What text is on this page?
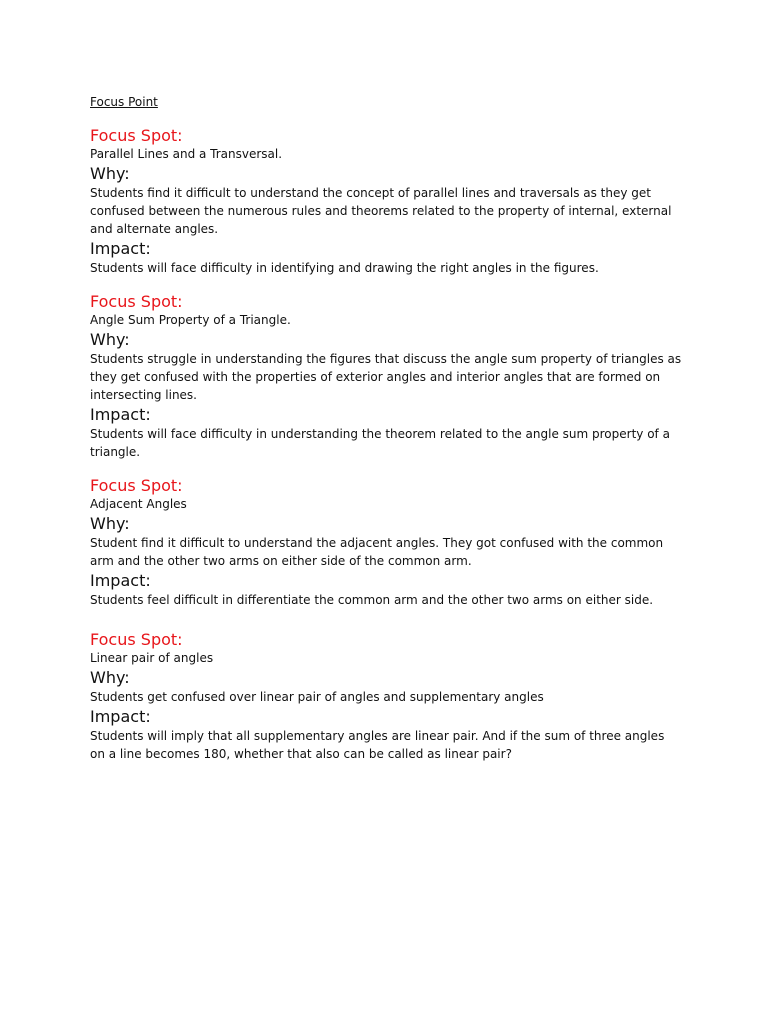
Focus Point

Focus Spot:

Parallel Lines and a Transversal.

Why:

Students find it difficult to understand the concept of parallel lines and traversals as they get confused between the numerous rules and theorems related to the property of internal, external and alternate angles.

Impact:

Students will face difficulty in identifying and drawing the right angles in the figures.

Focus Spot:

Angle Sum Property of a Triangle.

Why:

Students struggle in understanding the figures that discuss the angle sum property of triangles as they get confused with the properties of exterior angles and interior angles that are formed on intersecting lines.

Impact:

Students will face difficulty in understanding the theorem related to the angle sum property of a triangle.

Focus Spot:

Adjacent Angles

Why:

Student find it difficult to understand the adjacent angles. They got confused with the common arm and the other two arms on either side of the common arm.

Impact:

Students feel difficult in differentiate the common arm and the other two arms on either side.

Focus Spot:

Linear pair of angles

Why:

Students get confused over linear pair of angles and supplementary angles

Impact:

Students will imply that all supplementary angles are linear pair. And if the sum of three angles on a line becomes 180, whether that also can be called as linear pair?
